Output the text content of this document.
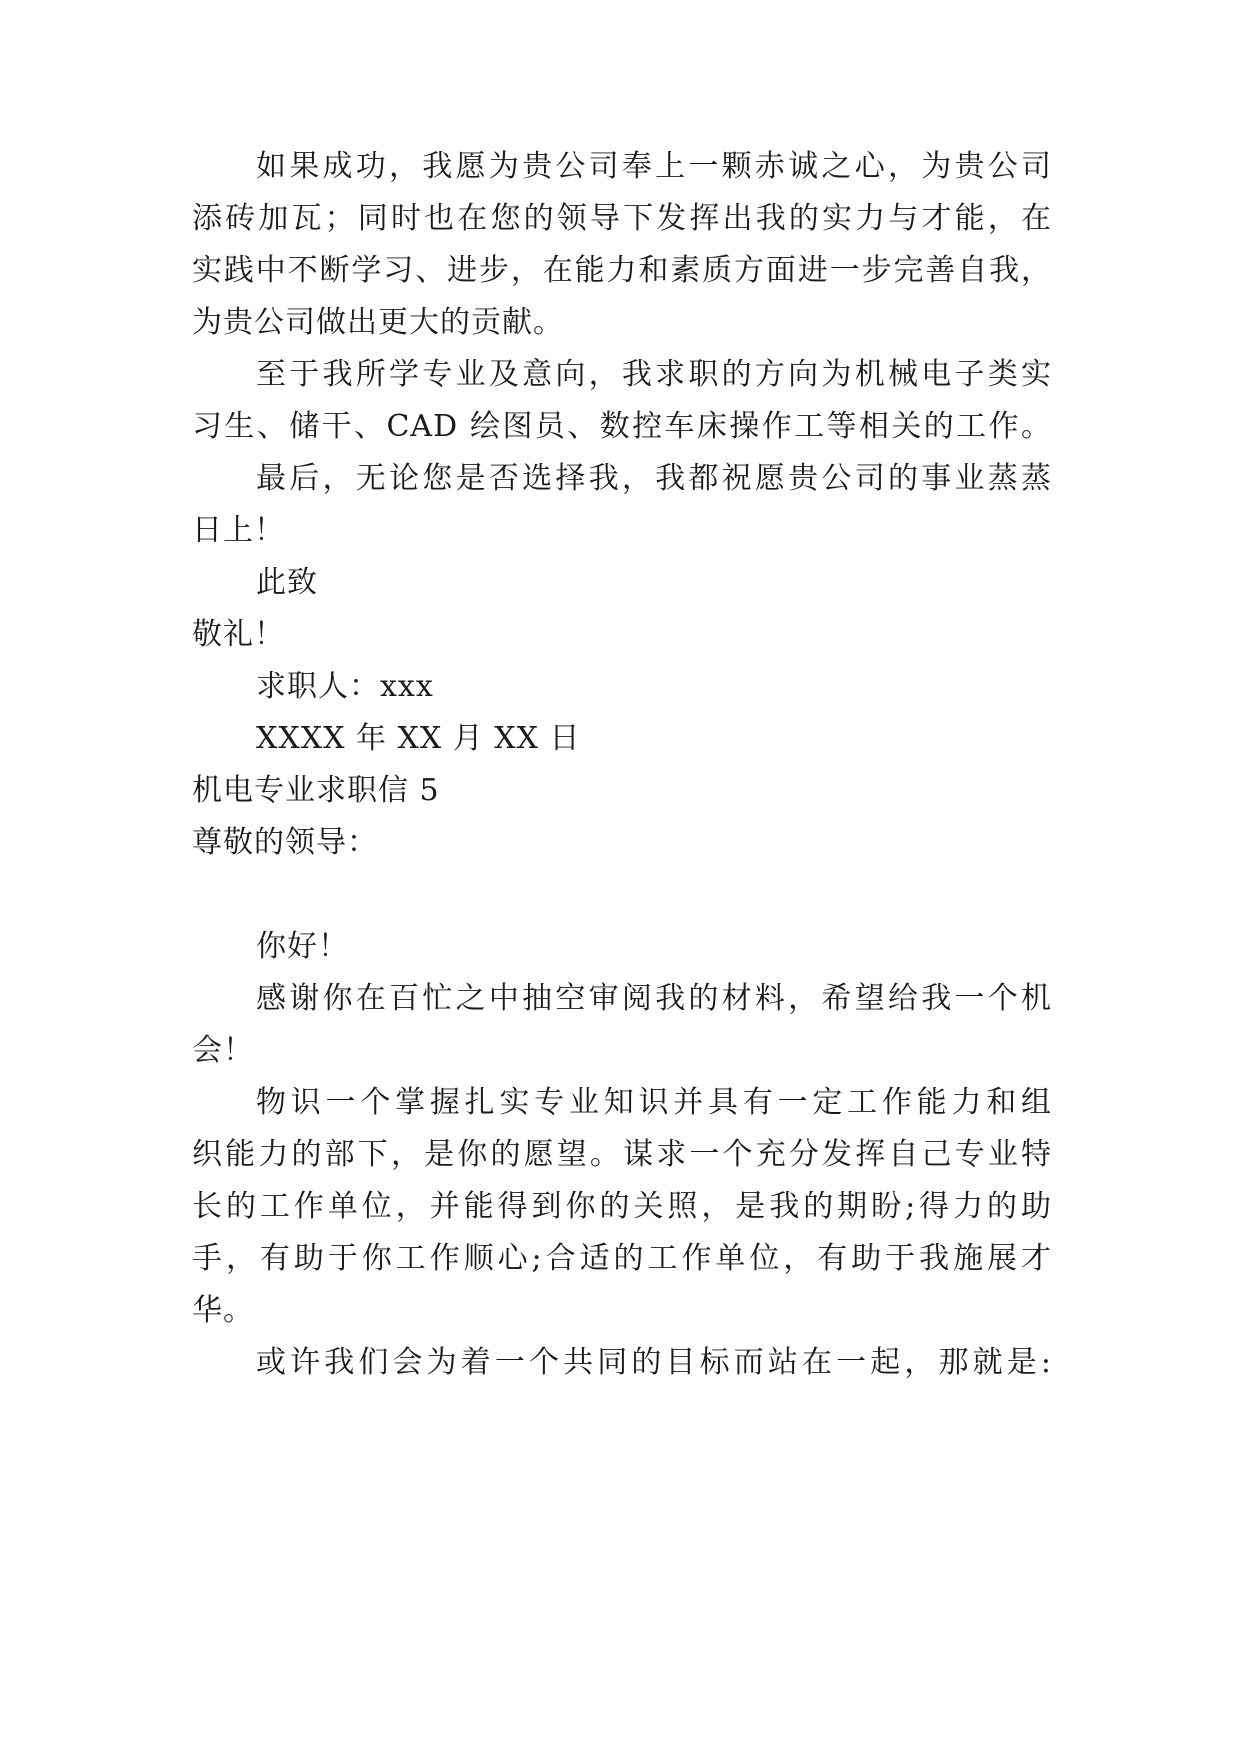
如果成功，我愿为贵公司奉上一颗赤诚之心，为贵公司
添砖加瓦；同时也在您的领导下发挥出我的实力与才能，在
实践中不断学习、进步，在能力和素质方面进一步完善自我，
为贵公司做出更大的贡献。
至于我所学专业及意向，我求职的方向为机械电子类实
习生、储干、CAD 绘图员、数控车床操作工等相关的工作。
最后，无论您是否选择我，我都祝愿贵公司的事业蒸蒸
日上！
此致
敬礼！
求职人：xxx
XXXX 年 XX 月 XX 日
机电专业求职信 5
尊敬的领导：
你好！
感谢你在百忙之中抽空审阅我的材料，希望给我一个机
会！
物识一个掌握扎实专业知识并具有一定工作能力和组
织能力的部下，是你的愿望。谋求一个充分发挥自己专业特
长的工作单位，并能得到你的关照，是我的期盼;得力的助
手，有助于你工作顺心;合适的工作单位，有助于我施展才
华。
或许我们会为着一个共同的目标而站在一起，那就是:
